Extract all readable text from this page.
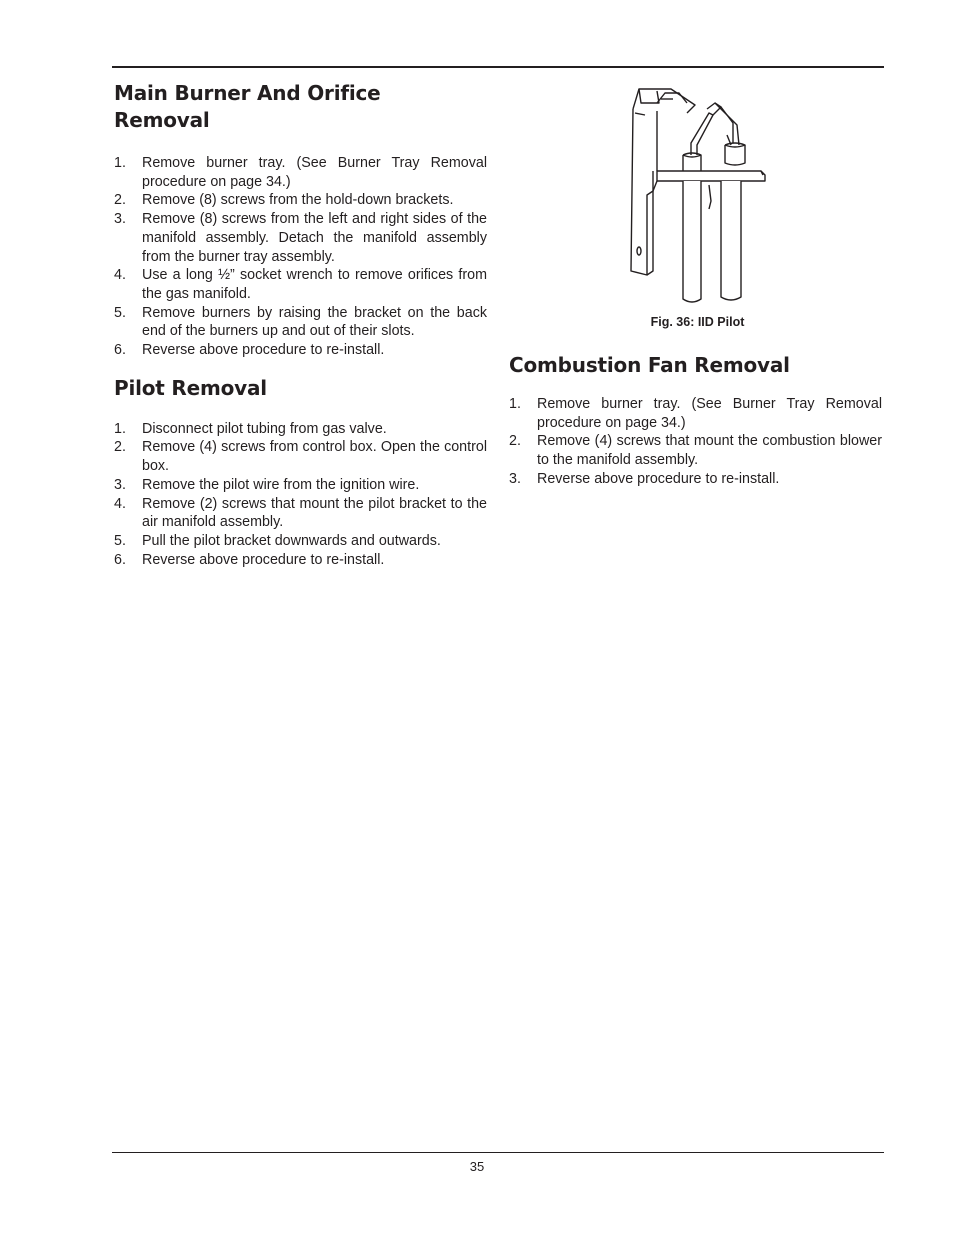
Main Burner And Orifice Removal
1. Remove burner tray. (See Burner Tray Removal procedure on page 34.)
2. Remove (8) screws from the hold-down brackets.
3. Remove (8) screws from the left and right sides of the manifold assembly. Detach the manifold assembly from the burner tray assembly.
4. Use a long ½” socket wrench to remove orifices from the gas manifold.
5. Remove burners by raising the bracket on the back end of the burners up and out of their slots.
6. Reverse above procedure to re-install.
Pilot Removal
1. Disconnect pilot tubing from gas valve.
2. Remove (4) screws from control box. Open the control box.
3. Remove the pilot wire from the ignition wire.
4. Remove (2) screws that mount the pilot bracket to the air manifold assembly.
5. Pull the pilot bracket downwards and outwards.
6. Reverse above procedure to re-install.
Fig. 36: IID Pilot
Combustion Fan Removal
1. Remove burner tray. (See Burner Tray Removal procedure on page 34.)
2. Remove (4) screws that mount the combustion blower to the manifold assembly.
3. Reverse above procedure to re-install.
35
